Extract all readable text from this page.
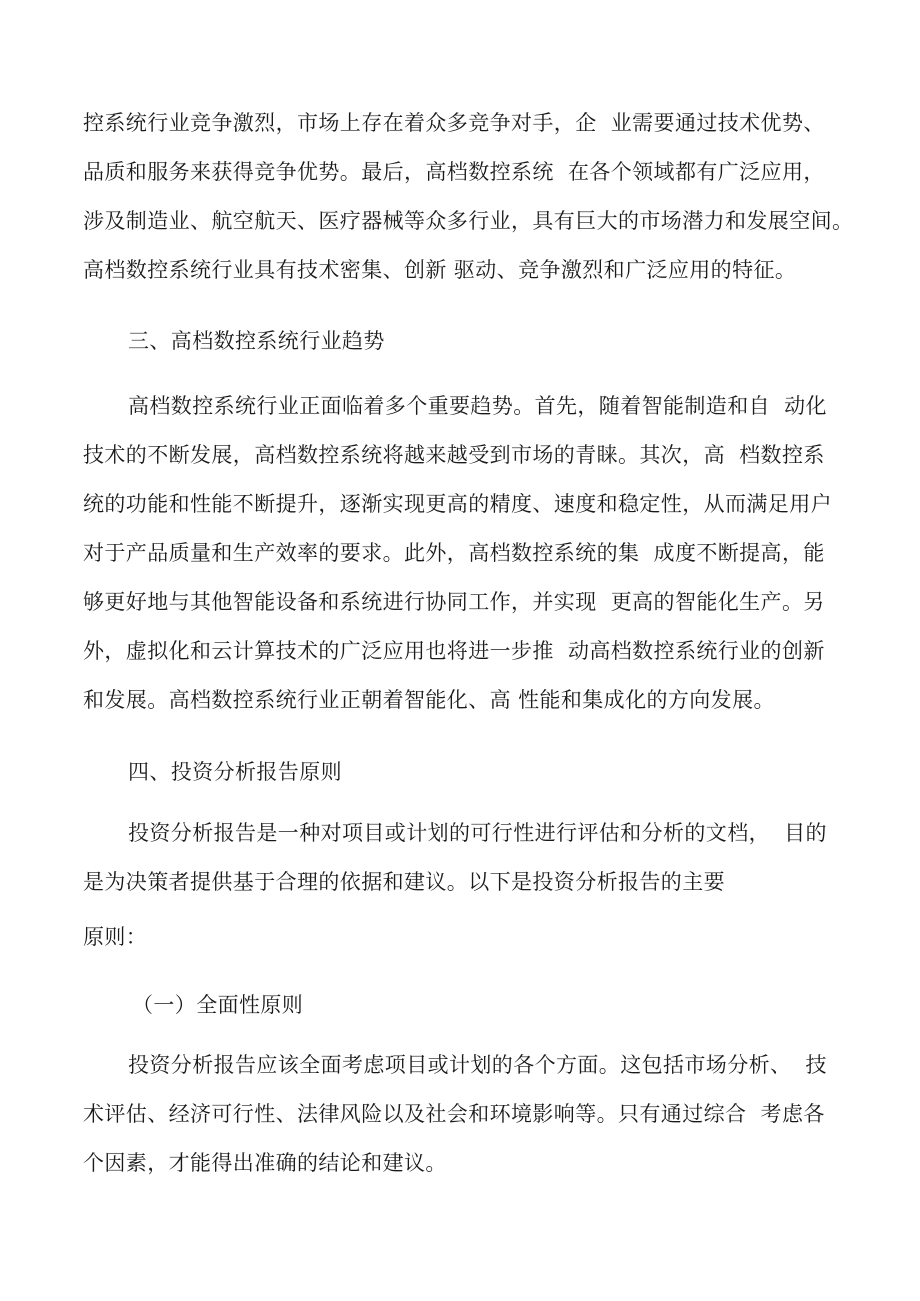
控系统行业竞争激烈，市场上存在着众多竞争对手，企  业需要通过技术优势、

品质和服务来获得竞争优势。最后，高档数控系统  在各个领域都有广泛应用，

涉及制造业、航空航天、医疗器械等众多行业，具有巨大的市场潜力和发展空间。

高档数控系统行业具有技术密集、创新 驱动、竞争激烈和广泛应用的特征。

三、高档数控系统行业趋势

高档数控系统行业正面临着多个重要趋势。首先，随着智能制造和自  动化

技术的不断发展，高档数控系统将越来越受到市场的青睐。其次，高  档数控系

统的功能和性能不断提升，逐渐实现更高的精度、速度和稳定性，从而满足用户

对于产品质量和生产效率的要求。此外，高档数控系统的集  成度不断提高，能

够更好地与其他智能设备和系统进行协同工作，并实现  更高的智能化生产。另

外，虚拟化和云计算技术的广泛应用也将进一步推  动高档数控系统行业的创新

和发展。高档数控系统行业正朝着智能化、高 性能和集成化的方向发展。

四、投资分析报告原则

投资分析报告是一种对项目或计划的可行性进行评估和分析的文档，  目的

是为决策者提供基于合理的依据和建议。以下是投资分析报告的主要

原则：

（一）全面性原则

投资分析报告应该全面考虑项目或计划的各个方面。这包括市场分析、  技

术评估、经济可行性、法律风险以及社会和环境影响等。只有通过综合  考虑各

个因素，才能得出准确的结论和建议。
